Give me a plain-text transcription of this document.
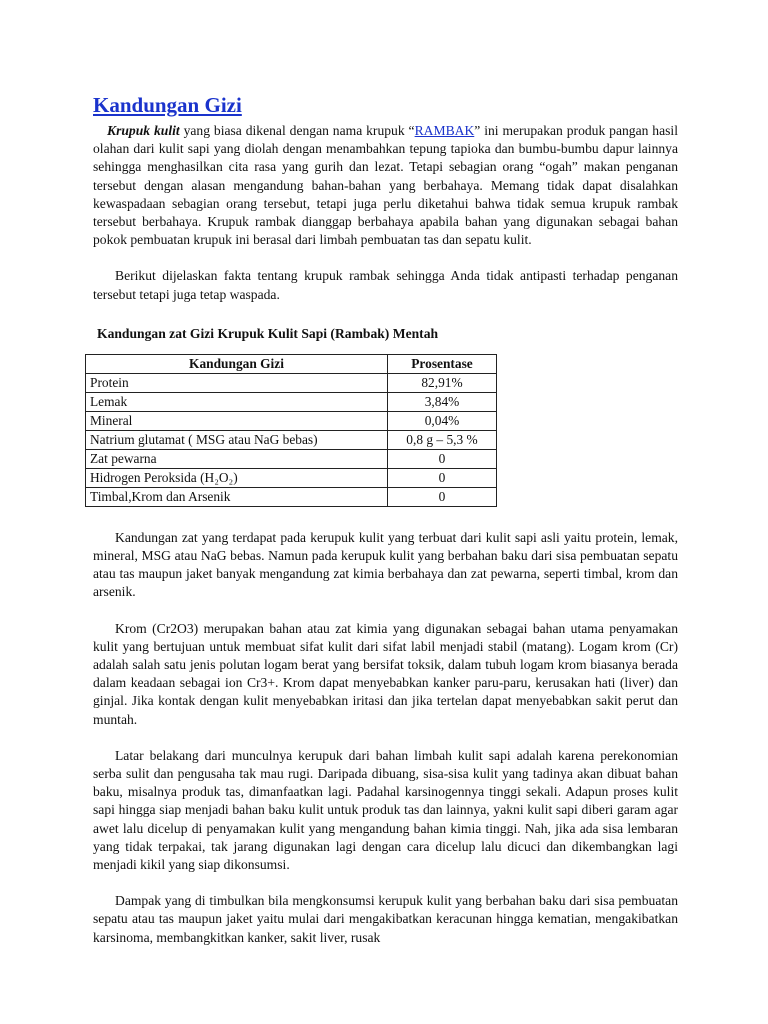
Kandungan Gizi

Krupuk kulit yang biasa dikenal dengan nama krupuk “RAMBAK” ini merupakan produk pangan hasil olahan dari kulit sapi yang diolah dengan menambahkan tepung tapioka dan bumbu-bumbu dapur lainnya sehingga menghasilkan cita rasa yang gurih dan lezat. Tetapi sebagian orang “ogah” makan penganan tersebut dengan alasan mengandung bahan-bahan yang berbahaya. Memang tidak dapat disalahkan kewaspadaan sebagian orang tersebut, tetapi juga perlu diketahui bahwa tidak semua krupuk rambak tersebut berbahaya. Krupuk rambak dianggap berbahaya apabila bahan yang digunakan sebagai bahan pokok pembuatan krupuk ini berasal dari limbah pembuatan tas dan sepatu kulit.

Berikut dijelaskan fakta tentang krupuk rambak sehingga Anda tidak antipasti terhadap penganan tersebut tetapi juga tetap waspada.

Kandungan zat Gizi Krupuk Kulit Sapi (Rambak) Mentah
Kandungan Gizi	Prosentase
Protein	82,91%
Lemak	3,84%
Mineral	0,04%
Natrium glutamat ( MSG atau NaG bebas)	0,8 g – 5,3 %
Zat pewarna	0
Hidrogen Peroksida (H₂O₂)	0
Timbal,Krom dan Arsenik	0

Kandungan zat yang terdapat pada kerupuk kulit yang terbuat dari kulit sapi asli yaitu protein, lemak, mineral, MSG atau NaG bebas. Namun pada kerupuk kulit yang berbahan baku dari sisa pembuatan sepatu atau tas maupun jaket banyak mengandung zat kimia berbahaya dan zat pewarna, seperti timbal, krom dan arsenik.

Krom (Cr2O3) merupakan bahan atau zat kimia yang digunakan sebagai bahan utama penyamakan kulit yang bertujuan untuk membuat sifat kulit dari sifat labil menjadi stabil (matang). Logam krom (Cr) adalah salah satu jenis polutan logam berat yang bersifat toksik, dalam tubuh logam krom biasanya berada dalam keadaan sebagai ion Cr3+. Krom dapat menyebabkan kanker paru-paru, kerusakan hati (liver) dan ginjal. Jika kontak dengan kulit menyebabkan iritasi dan jika tertelan dapat menyebabkan sakit perut dan muntah.

Latar belakang dari munculnya kerupuk dari bahan limbah kulit sapi adalah karena perekonomian serba sulit dan pengusaha tak mau rugi. Daripada dibuang, sisa-sisa kulit yang tadinya akan dibuat bahan baku, misalnya produk tas, dimanfaatkan lagi. Padahal karsinogennya tinggi sekali. Adapun proses kulit sapi hingga siap menjadi bahan baku kulit untuk produk tas dan lainnya, yakni kulit sapi diberi garam agar awet lalu dicelup di penyamakan kulit yang mengandung bahan kimia tinggi. Nah, jika ada sisa lembaran yang tidak terpakai, tak jarang digunakan lagi dengan cara dicelup lalu dicuci dan dikembangkan lagi menjadi kikil yang siap dikonsumsi.

Dampak yang di timbulkan bila mengkonsumsi kerupuk kulit yang berbahan baku dari sisa pembuatan sepatu atau tas maupun jaket yaitu mulai dari mengakibatkan keracunan hingga kematian, mengakibatkan karsinoma, membangkitkan kanker, sakit liver, rusak
